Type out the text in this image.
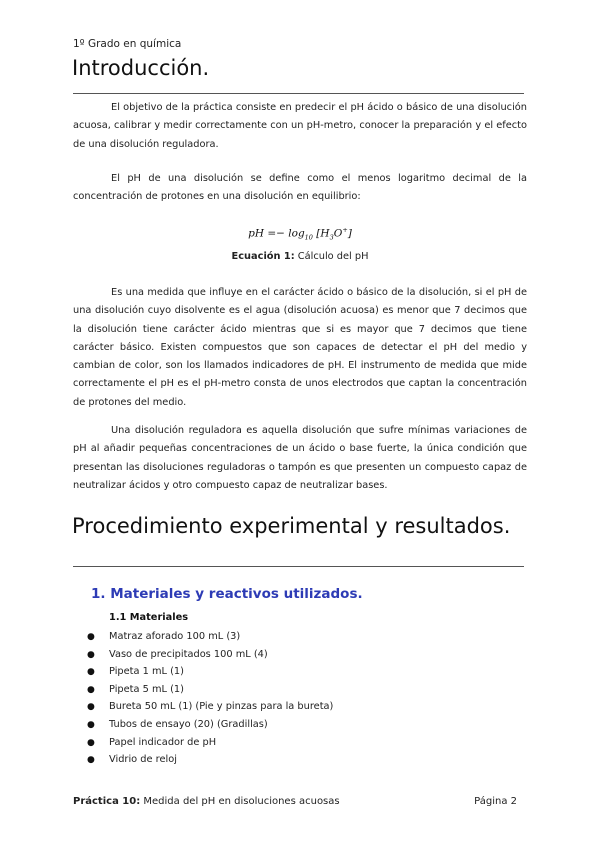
1º Grado en química
Introducción.

El objetivo de la práctica consiste en predecir el pH ácido o básico de una disolución acuosa, calibrar y medir correctamente con un pH-metro, conocer la preparación y el efecto de una disolución reguladora.

El pH de una disolución se define como el menos logaritmo decimal de la concentración de protones en una disolución en equilibrio:

pH =− $\log_{10} [H_3O^+]$
Ecuación 1: Cálculo del pH

Es una medida que influye en el carácter ácido o básico de la disolución, si el pH de una disolución cuyo disolvente es el agua (disolución acuosa) es menor que 7 decimos que la disolución tiene carácter ácido mientras que si es mayor que 7 decimos que tiene carácter básico. Existen compuestos que son capaces de detectar el pH del medio y cambian de color, son los llamados indicadores de pH. El instrumento de medida que mide correctamente el pH es el pH-metro consta de unos electrodos que captan la concentración de protones del medio.

Una disolución reguladora es aquella disolución que sufre mínimas variaciones de pH al añadir pequeñas concentraciones de un ácido o base fuerte, la única condición que presentan las disoluciones reguladoras o tampón es que presenten un compuesto capaz de neutralizar ácidos y otro compuesto capaz de neutralizar bases.

Procedimiento experimental y resultados.
1. Materiales y reactivos utilizados.
1.1 Materiales
● Matraz aforado 100 mL (3)
● Vaso de precipitados 100 mL (4)
● Pipeta 1 mL (1)
● Pipeta 5 mL (1)
● Bureta 50 mL (1) (Pie y pinzas para la bureta)
● Tubos de ensayo (20) (Gradillas)
● Papel indicador de pH
● Vidrio de reloj
Práctica 10: Medida del pH en disoluciones acuosas	Página 2
